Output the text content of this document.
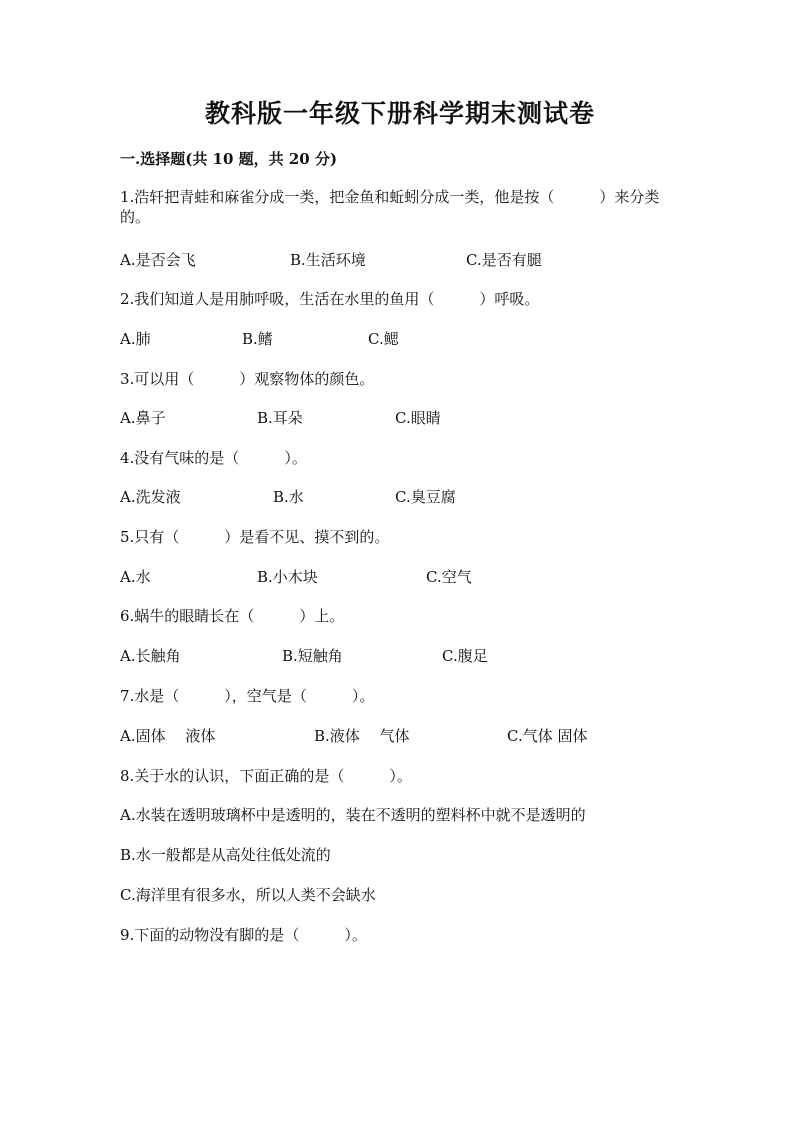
教科版一年级下册科学期末测试卷
一.选择题(共 10 题，共 20 分)
1.浩轩把青蛙和麻雀分成一类，把金鱼和蚯蚓分成一类，他是按（　　　）来分类的。
A.是否会飞	B.生活环境	C.是否有腿
2.我们知道人是用肺呼吸，生活在水里的鱼用（　　　）呼吸。
A.肺	B.鳍	C.鳃
3.可以用（　　　）观察物体的颜色。
A.鼻子	B.耳朵	C.眼睛
4.没有气味的是（　　　）。
A.洗发液	B.水	C.臭豆腐
5.只有（　　　）是看不见、摸不到的。
A.水	B.小木块	C.空气
6.蜗牛的眼睛长在（　　　）上。
A.长触角	B.短触角	C.腹足
7.水是（　　　），空气是（　　　）。
A.固体　 液体	B.液体　 气体	C.气体 固体
8.关于水的认识，下面正确的是（　　　）。
A.水装在透明玻璃杯中是透明的，装在不透明的塑料杯中就不是透明的
B.水一般都是从高处往低处流的
C.海洋里有很多水，所以人类不会缺水
9.下面的动物没有脚的是（　　　）。
